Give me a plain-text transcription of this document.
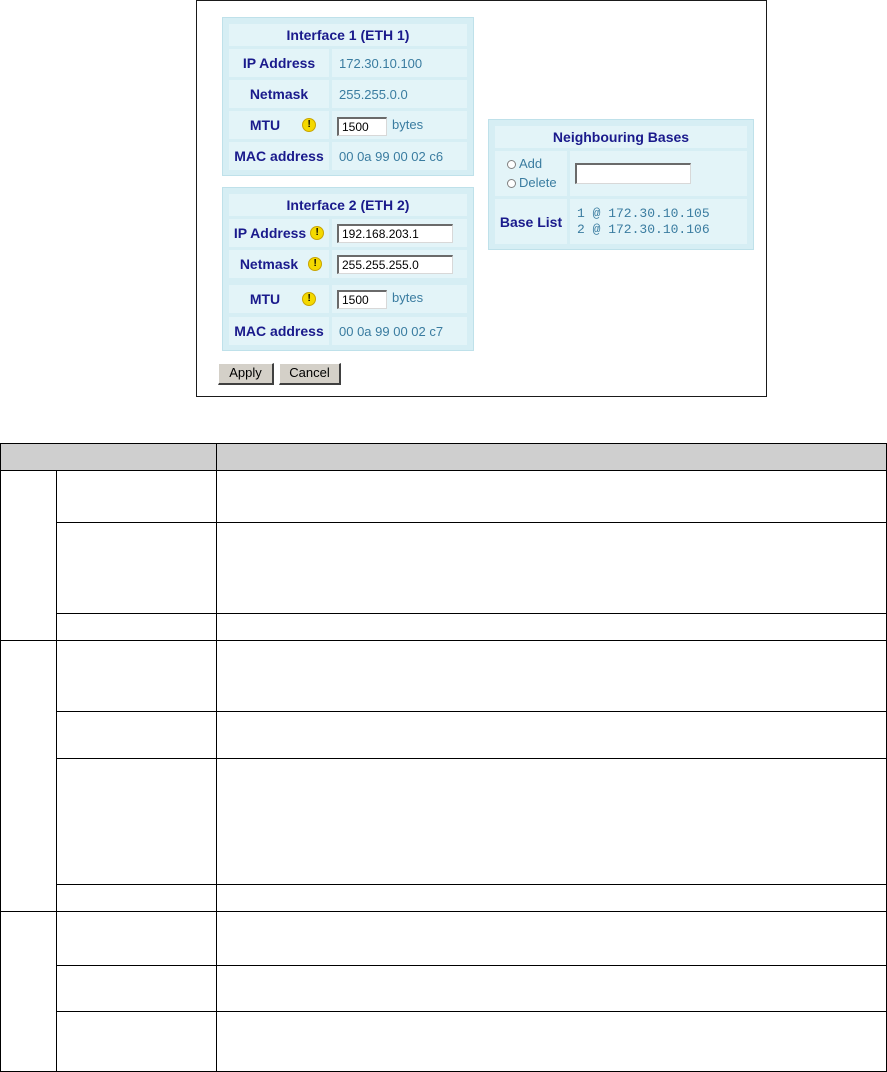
Interface 1 (ETH 1)
IP Address	172.30.10.100
Netmask	255.255.0.0
MTU	!	1500	bytes
MAC address	00 0a 99 00 02 c6
Interface 2 (ETH 2)
IP Address !	192.168.203.1
Netmask	!	255.255.255.0
MTU	!	1500	bytes
MAC address	00 0a 99 00 02 c7
Neighbouring Bases
Add
Delete
Base List	1 @ 172.30.10.105
2 @ 172.30.10.106
Apply	Cancel
